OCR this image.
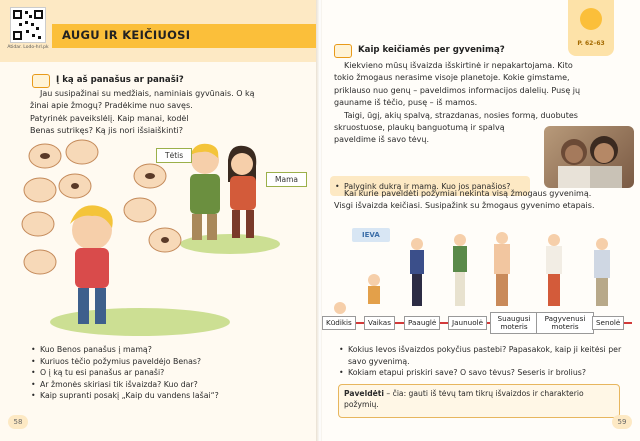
AUGU IR KEIČIUOSI
Atidar. Lodo-hrl.pk
Į ką aš panašus ar panaši?

Jau susipažinai su medžiais, naminiais gyvūnais. O ką
žinai apie žmogų? Pradėkime nuo savęs.
Patyrinėk paveikslėlį. Kaip manai, kodėl
Benas sutrikęs? Ką jis nori išsiaiškinti?

Tėtis
Mama
• Kuo Benos panašus į mamą?
• Kuriuos tėčio požymius paveldėjo Benas?
• O į ką tu esi panašus ar panaši?
• Ar žmonės skiriasi tik išvaizda? Kuo dar?
• Kaip supranti posakį „Kaip du vandens lašai“?
58
P. 62–63
Kaip keičiamės per gyvenimą?

Kiekvieno mūsų išvaizda išskirtinė ir nepakartojama. Kito
tokio žmogaus nerasime visoje planetoje. Kokie gimstame,
priklauso nuo genų – paveldimos informacijos dalelių. Pusę jų
gauname iš tėčio, pusę – iš mamos.
Taigi, ūgį, akių spalvą, strazdanas, nosies formą, duobutes
skruostuose, plaukų banguotumą ir spalvą
paveldime iš savo tėvų.

• Palygink dukrą ir mamą. Kuo jos panašios?

Kai kurie paveldėti požymiai nekinta visą žmogaus gyvenimą.
Visgi išvaizda keičiasi. Susipažink su žmogaus gyvenimo etapais.

IEVA
Kūdikis	Vaikas	Paauglė	Jaunuolė	Suaugusi moteris
Pagyvenusi moteris	Senolė
• Kokius Ievos išvaizdos pokyčius pastebi? Papasakok, kaip ji keitėsi per savo gyvenimą.
• Kokiam etapui priskiri save? O savo tėvus? Seseris ir brolius?

Paveldėti – čia: gauti iš tėvų tam tikrų išvaizdos ir charakterio požymių.

59
